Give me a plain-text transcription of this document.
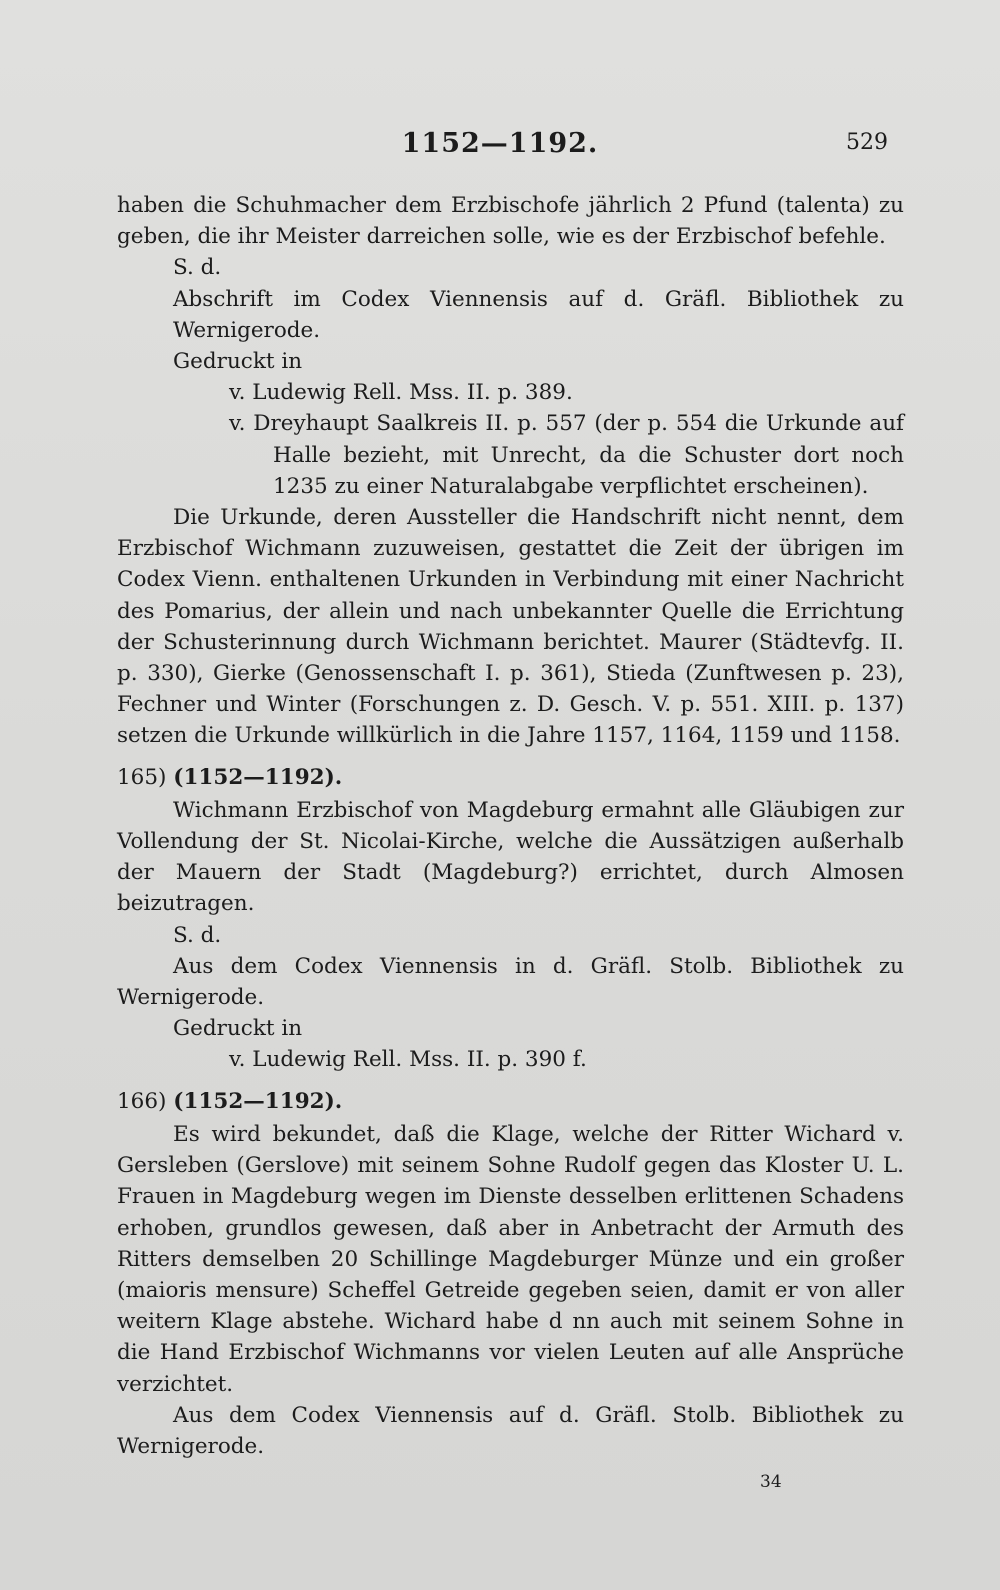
1152—1192.	529

haben die Schuhmacher dem Erzbischofe jährlich 2 Pfund (talenta) zu geben, die ihr Meister darreichen solle, wie es der Erzbischof befehle.

S. d.

Abschrift im Codex Viennensis auf d. Gräfl. Bibliothek zu Wernigerode.

Gedruckt in

v. Ludewig Rell. Mss. II. p. 389.

v. Dreyhaupt Saalkreis II. p. 557 (der p. 554 die Urkunde auf Halle bezieht, mit Unrecht, da die Schuster dort noch 1235 zu einer Naturalabgabe verpflichtet erscheinen).

Die Urkunde, deren Aussteller die Handschrift nicht nennt, dem Erzbischof Wichmann zuzuweisen, gestattet die Zeit der übrigen im Codex Vienn. enthaltenen Urkunden in Verbindung mit einer Nachricht des Pomarius, der allein und nach unbekannter Quelle die Errichtung der Schusterinnung durch Wichmann berichtet. Maurer (Städtevfg. II. p. 330), Gierke (Genossenschaft I. p. 361), Stieda (Zunftwesen p. 23), Fechner und Winter (Forschungen z. D. Gesch. V. p. 551. XIII. p. 137) setzen die Urkunde willkürlich in die Jahre 1157, 1164, 1159 und 1158.

165) (1152—1192).

Wichmann Erzbischof von Magdeburg ermahnt alle Gläubigen zur Vollendung der St. Nicolai-Kirche, welche die Aussätzigen außerhalb der Mauern der Stadt (Magdeburg?) errichtet, durch Almosen beizutragen.

S. d.

Aus dem Codex Viennensis in d. Gräfl. Stolb. Bibliothek zu Wernigerode.

Gedruckt in

v. Ludewig Rell. Mss. II. p. 390 f.

166) (1152—1192).

Es wird bekundet, daß die Klage, welche der Ritter Wichard v. Gersleben (Gerslove) mit seinem Sohne Rudolf gegen das Kloster U. L. Frauen in Magdeburg wegen im Dienste desselben erlittenen Schadens erhoben, grundlos gewesen, daß aber in Anbetracht der Armuth des Ritters demselben 20 Schillinge Magdeburger Münze und ein großer (maioris mensure) Scheffel Getreide gegeben seien, damit er von aller weitern Klage abstehe. Wichard habe d nn auch mit seinem Sohne in die Hand Erzbischof Wichmanns vor vielen Leuten auf alle Ansprüche verzichtet.

Aus dem Codex Viennensis auf d. Gräfl. Stolb. Bibliothek zu Wernigerode.

34
